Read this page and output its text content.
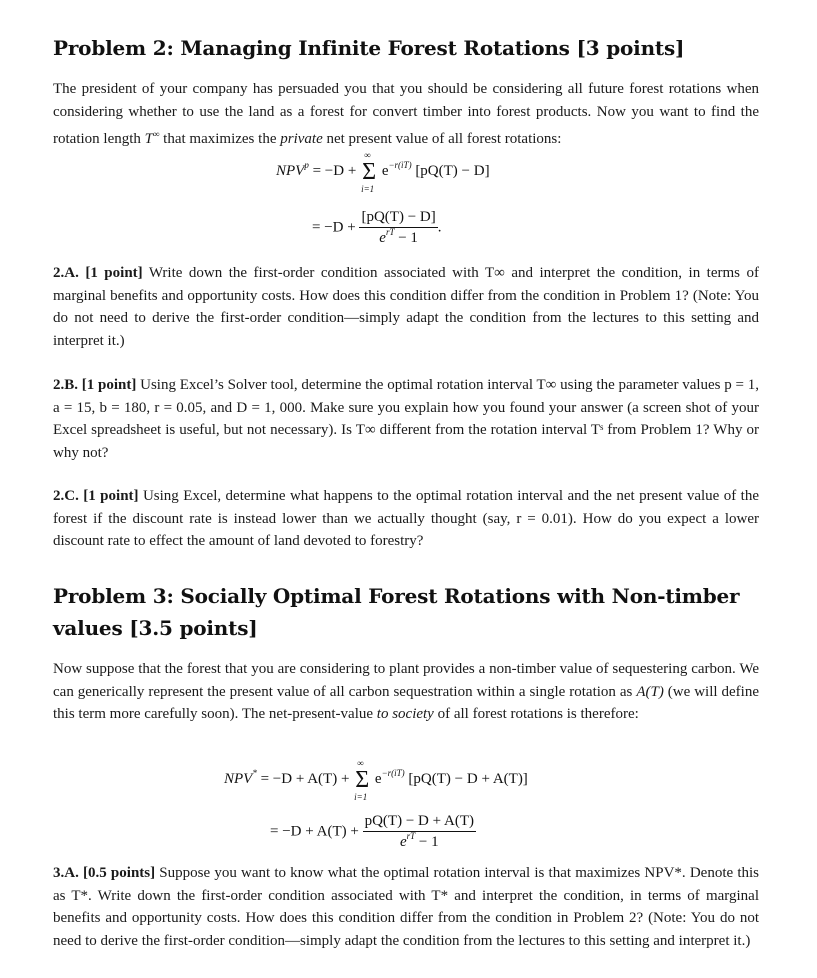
Problem 2: Managing Infinite Forest Rotations [3 points]

The president of your company has persuaded you that you should be considering all future forest rotations when considering whether to use the land as a forest for convert timber into forest products. Now you want to find the rotation length T∞ that maximizes the private net present value of all forest rotations:

$NPV^p = -D$ +
∞
Σ
i=1
$e^{-r(iT)}$ [pQ(T) − D]
= $-D + \frac{[pQ(T) - D]}{e^{rT} - 1}$ .

2.A. [1 point] Write down the first-order condition associated with T∞ and interpret the condition, in terms of marginal benefits and opportunity costs. How does this condition differ from the condition in Problem 1? (Note: You do not need to derive the first-order condition—simply adapt the condition from the lectures to this setting and interpret it.)

2.B. [1 point] Using Excel’s Solver tool, determine the optimal rotation interval T∞ using the parameter values p = 1, a = 15, b = 180, r = 0.05, and D = 1, 000. Make sure you explain how you found your answer (a screen shot of your Excel spreadsheet is useful, but not necessary). Is T∞ different from the rotation interval Tˢ from Problem 1? Why or why not?

2.C. [1 point] Using Excel, determine what happens to the optimal rotation interval and the net present value of the forest if the discount rate is instead lower than we actually thought (say, r = 0.01). How do you expect a lower discount rate to effect the amount of land devoted to forestry?

Problem 3: Socially Optimal Forest Rotations with Non-timber values [3.5 points]

Now suppose that the forest that you are considering to plant provides a non-timber value of sequestering carbon. We can generically represent the present value of all carbon sequestration within a single rotation as A(T) (we will define this term more carefully soon). The net-present-value to society of all forest rotations is therefore:

NPV* = −D + A(T) +
∞
Σ
i=1
$e^{-r(iT)}$ [pQ(T) − D + A(T)]
= $-D + A(T) + \frac{pQ(T) - D + A(T)}{e^{rT} - 1}$

3.A. [0.5 points] Suppose you want to know what the optimal rotation interval is that maximizes NPV*. Denote this as T*. Write down the first-order condition associated with T* and interpret the condition, in terms of marginal benefits and opportunity costs. How does this condition differ from the condition in Problem 2? (Note: You do not need to derive the first-order condition—simply adapt the condition from the lectures to this setting and interpret it.)
